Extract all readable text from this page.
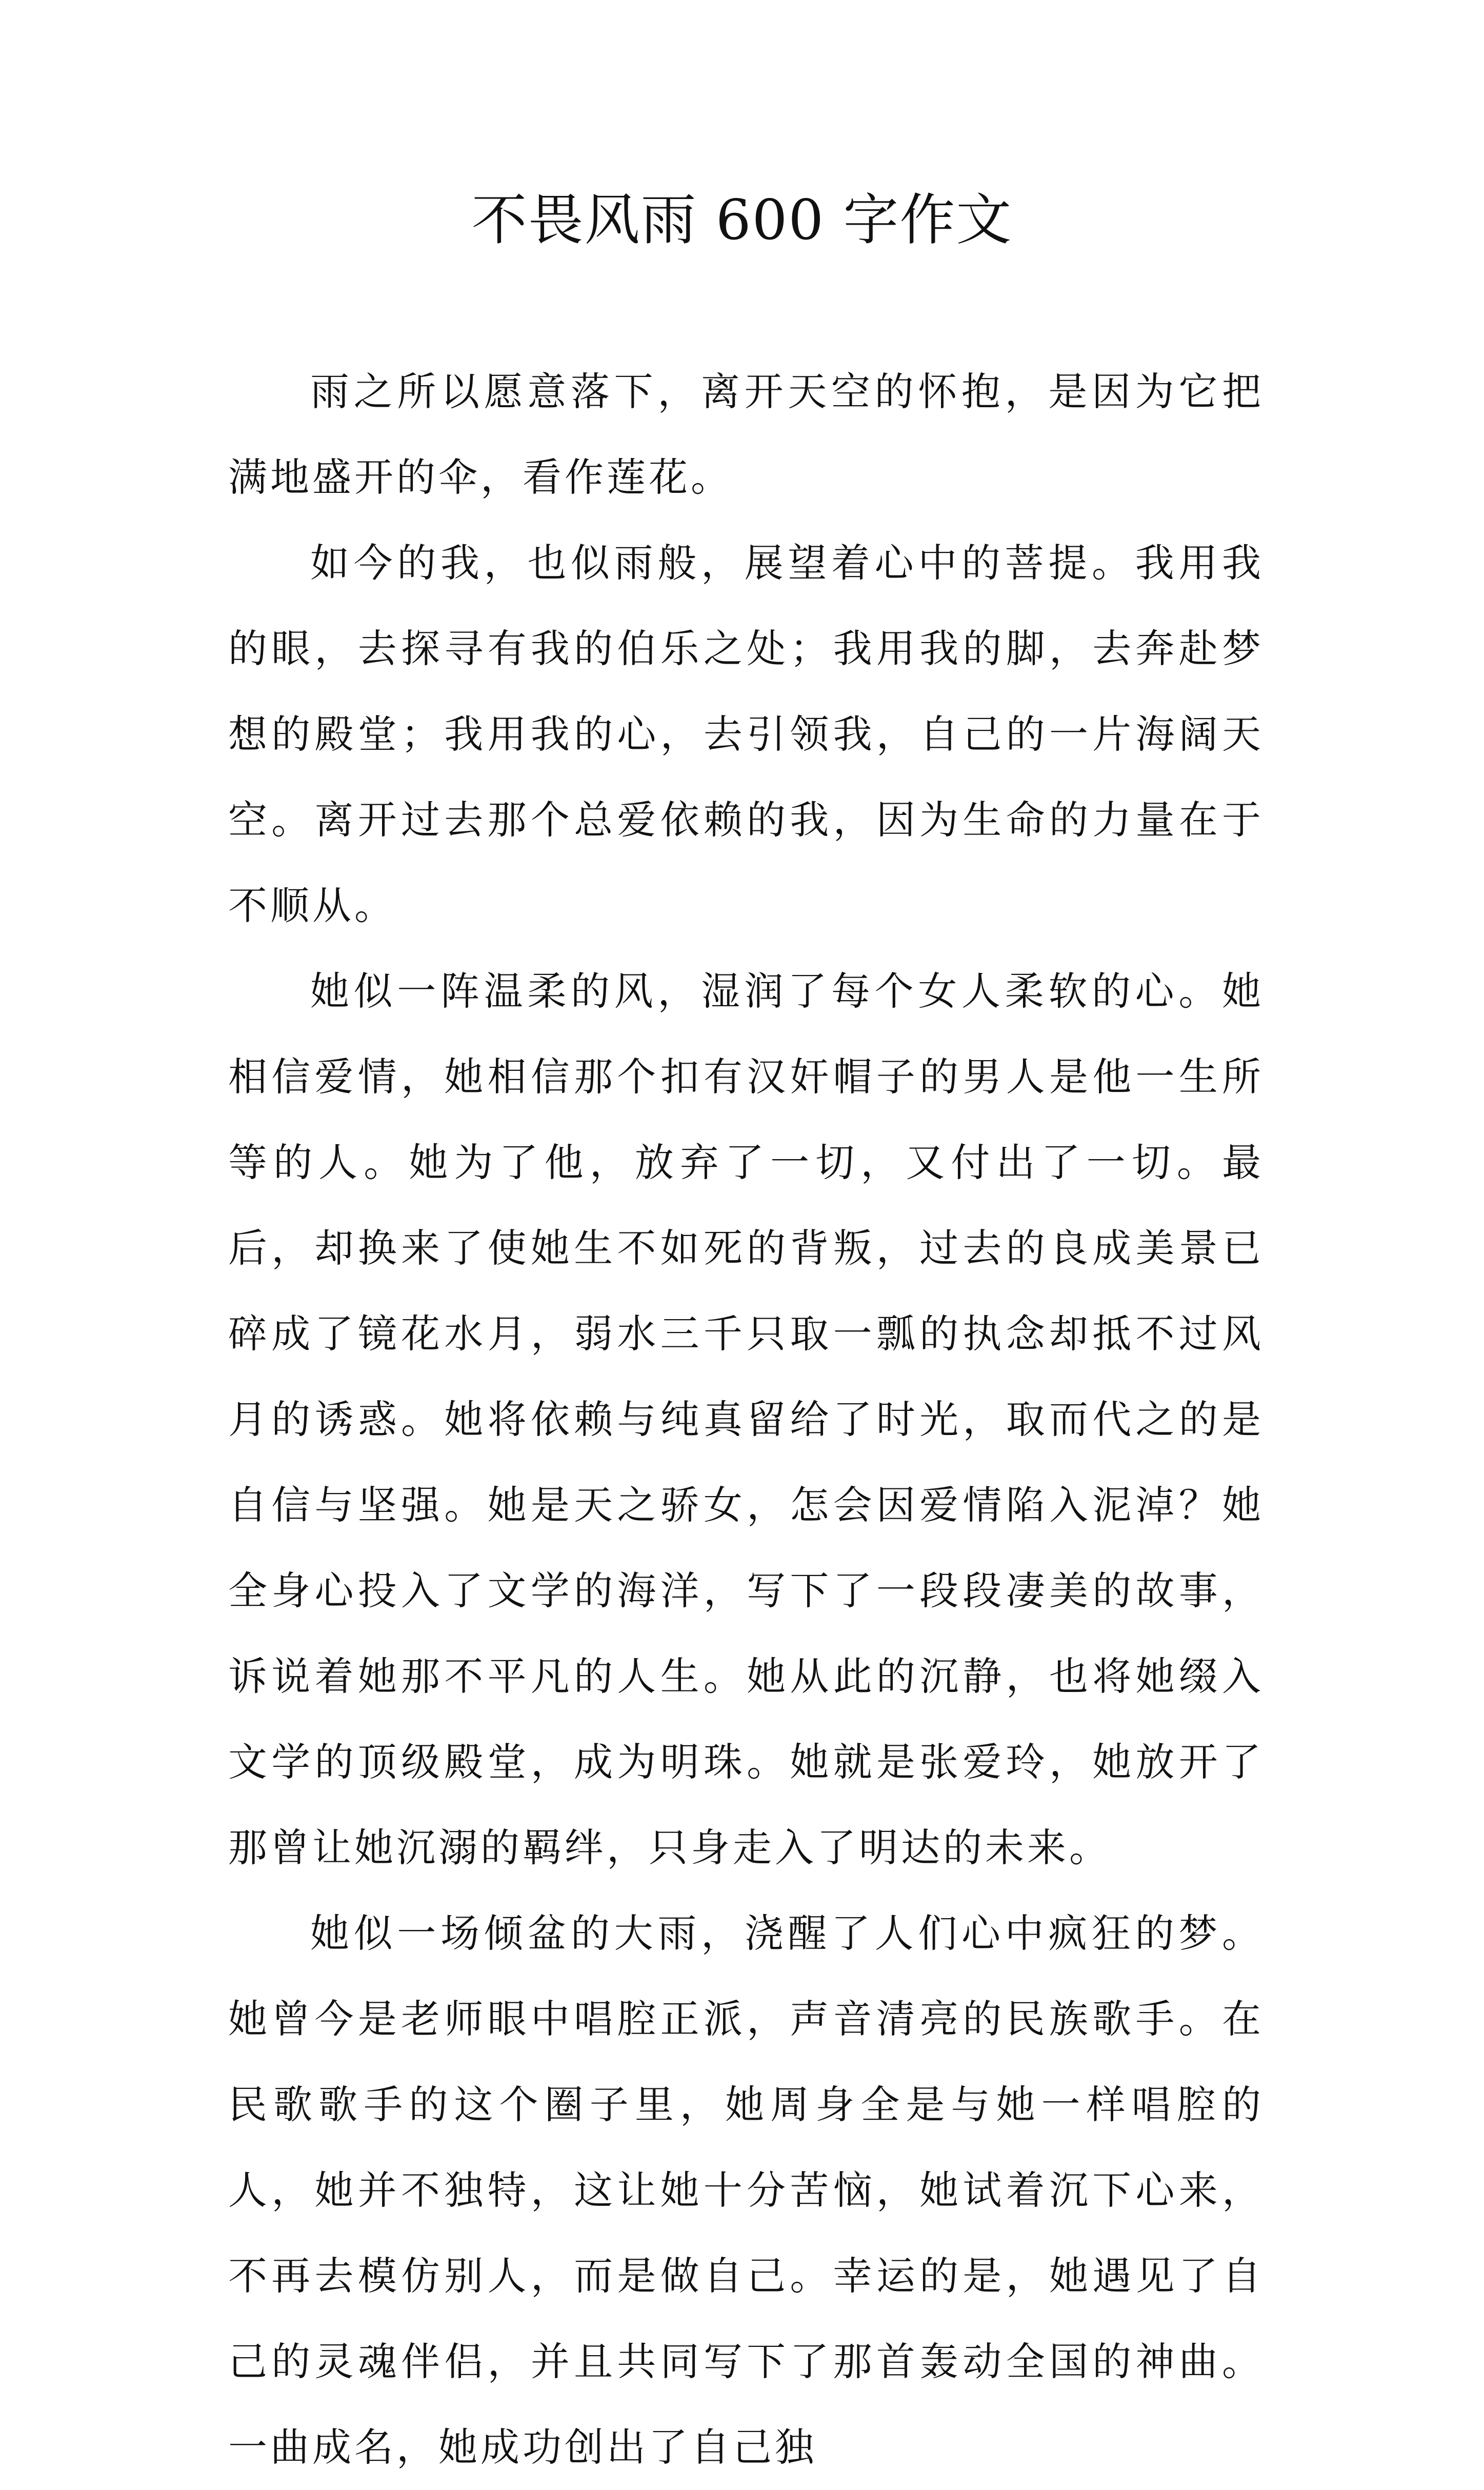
不畏风雨 600 字作文

雨之所以愿意落下，离开天空的怀抱，是因为它把满地盛开的伞，看作莲花。

如今的我，也似雨般，展望着心中的菩提。我用我的眼，去探寻有我的伯乐之处；我用我的脚，去奔赴梦想的殿堂；我用我的心，去引领我，自己的一片海阔天空。离开过去那个总爱依赖的我，因为生命的力量在于不顺从。

她似一阵温柔的风，湿润了每个女人柔软的心。她相信爱情，她相信那个扣有汉奸帽子的男人是他一生所等的人。她为了他，放弃了一切，又付出了一切。最后，却换来了使她生不如死的背叛，过去的良成美景已碎成了镜花水月，弱水三千只取一瓢的执念却抵不过风月的诱惑。她将依赖与纯真留给了时光，取而代之的是自信与坚强。她是天之骄女，怎会因爱情陷入泥淖？她全身心投入了文学的海洋，写下了一段段凄美的故事，诉说着她那不平凡的人生。她从此的沉静，也将她缀入文学的顶级殿堂，成为明珠。她就是张爱玲，她放开了那曾让她沉溺的羁绊，只身走入了明达的未来。

她似一场倾盆的大雨，浇醒了人们心中疯狂的梦。她曾今是老师眼中唱腔正派，声音清亮的民族歌手。在民歌歌手的这个圈子里，她周身全是与她一样唱腔的人，她并不独特，这让她十分苦恼，她试着沉下心来，不再去模仿别人，而是做自己。幸运的是，她遇见了自己的灵魂伴侣，并且共同写下了那首轰动全国的神曲。一曲成名，她成功创出了自己独
